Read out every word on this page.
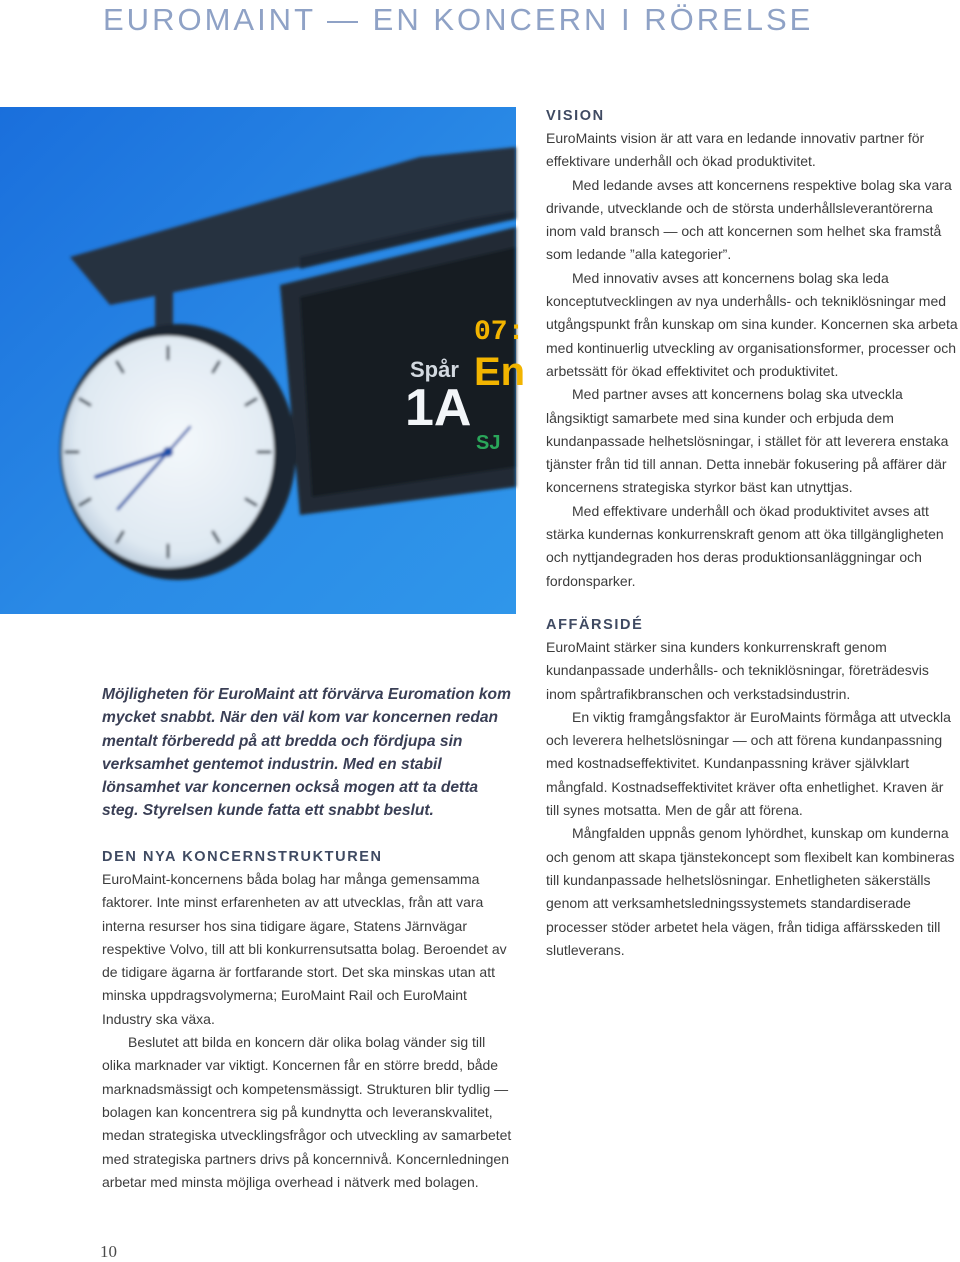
EUROMAINT — EN KONCERN I RÖRELSE
Spår
1A
07:
En
SJ
VISION

EuroMaints vision är att vara en ledande innovativ partner för effektivare underhåll och ökad produktivitet.

Med ledande avses att koncernens respektive bolag ska vara drivande, utvecklande och de största underhållsleverantörerna inom vald bransch — och att koncernen som helhet ska framstå som ledande ”alla kategorier”.

Med innovativ avses att koncernens bolag ska leda konceptutvecklingen av nya underhålls- och tekniklösningar med utgångspunkt från kunskap om sina kunder. Koncernen ska arbeta med kontinuerlig utveckling av organisationsformer, processer och arbetssätt för ökad effektivitet och produktivitet.

Med partner avses att koncernens bolag ska utveckla långsiktigt samarbete med sina kunder och erbjuda dem kundanpassade helhetslösningar, i stället för att leverera enstaka tjänster från tid till annan. Detta innebär fokusering på affärer där koncernens strategiska styrkor bäst kan utnyttjas.

Med effektivare underhåll och ökad produktivitet avses att stärka kundernas konkurrenskraft genom att öka tillgängligheten och nyttjandegraden hos deras produktionsanläggningar och fordonsparker.

AFFÄRSIDÉ

EuroMaint stärker sina kunders konkurrenskraft genom kundanpassade underhålls- och tekniklösningar, företrädesvis inom spårtrafikbranschen och verkstadsindustrin.

En viktig framgångsfaktor är EuroMaints förmåga att utveckla och leverera helhetslösningar — och att förena kundanpassning med kostnadseffektivitet. Kundanpassning kräver självklart mångfald. Kostnadseffektivitet kräver ofta enhetlighet. Kraven är till synes motsatta. Men de går att förena.

Mångfalden uppnås genom lyhördhet, kunskap om kunderna och genom att skapa tjänstekoncept som flexibelt kan kombineras till kundanpassade helhetslösningar. Enhetligheten säkerställs genom att verksamhetsledningssystemets standardiserade processer stöder arbetet hela vägen, från tidiga affärsskeden till slutleverans.

Möjligheten för EuroMaint att förvärva Euromation kom mycket snabbt. När den väl kom var koncernen redan mentalt förberedd på att bredda och fördjupa sin verksamhet gentemot industrin. Med en stabil lönsamhet var koncernen också mogen att ta detta steg. Styrelsen kunde fatta ett snabbt beslut.

DEN NYA KONCERNSTRUKTUREN

EuroMaint-koncernens båda bolag har många gemensamma faktorer. Inte minst erfarenheten av att utvecklas, från att vara interna resurser hos sina tidigare ägare, Statens Järnvägar respektive Volvo, till att bli konkurrensutsatta bolag. Beroendet av de tidigare ägarna är fortfarande stort. Det ska minskas utan att minska uppdragsvolymerna; EuroMaint Rail och EuroMaint Industry ska växa.

Beslutet att bilda en koncern där olika bolag vänder sig till olika marknader var viktigt. Koncernen får en större bredd, både marknadsmässigt och kompetensmässigt. Strukturen blir tydlig — bolagen kan koncentrera sig på kundnytta och leveranskvalitet, medan strategiska utvecklingsfrågor och utveckling av samarbetet med strategiska partners drivs på koncernnivå. Koncernledningen arbetar med minsta möjliga overhead i nätverk med bolagen.

10
